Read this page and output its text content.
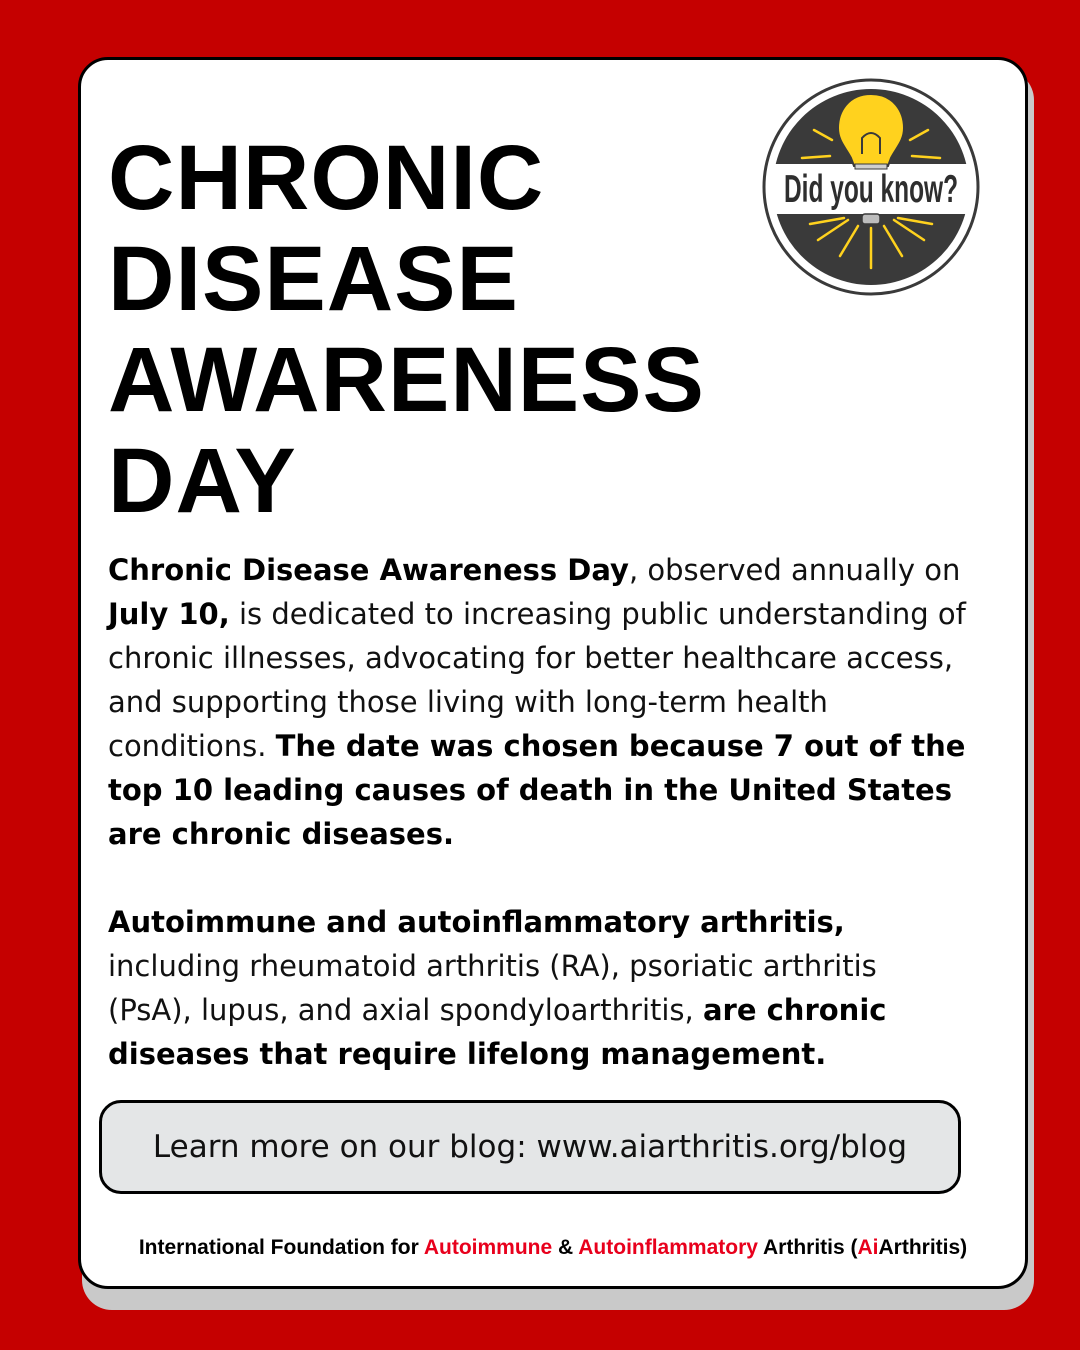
CHRONIC
DISEASE
AWARENESS
DAY
Did you know?

Chronic Disease Awareness Day, observed annually on July 10, is dedicated to increasing public understanding of chronic illnesses, advocating for better healthcare access, and supporting those living with long-term health conditions. The date was chosen because 7 out of the top 10 leading causes of death in the United States are chronic diseases.

Autoimmune and autoinflammatory arthritis, including rheumatoid arthritis (RA), psoriatic arthritis (PsA), lupus, and axial spondyloarthritis, are chronic diseases that require lifelong management.

Learn more on our blog: www.aiarthritis.org/blog
International Foundation for Autoimmune & Autoinflammatory Arthritis (AiArthritis)
